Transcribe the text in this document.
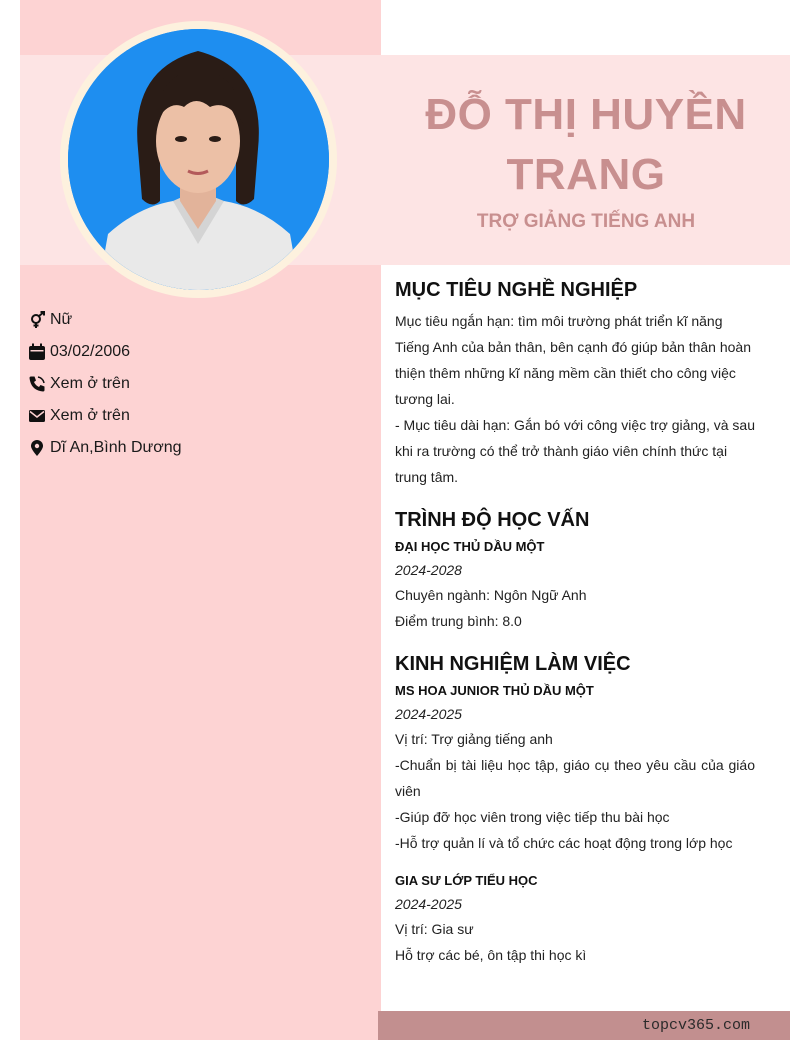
ĐỖ THỊ HUYỀN TRANG
TRỢ GIẢNG TIẾNG ANH
Nữ
03/02/2006
Xem ở trên
Xem ở trên
Dĩ An,Bình Dương
MỤC TIÊU NGHỀ NGHIỆP

Mục tiêu ngắn hạn: tìm môi trường phát triển kĩ năng Tiếng Anh của bản thân, bên cạnh đó giúp bản thân hoàn thiện thêm những kĩ năng mềm cần thiết cho công việc tương lai.

- Mục tiêu dài hạn: Gắn bó với công việc trợ giảng, và sau khi ra trường có thể trở thành giáo viên chính thức tại trung tâm.

TRÌNH ĐỘ HỌC VẤN

ĐẠI HỌC THỦ DẦU MỘT

2024-2028

Chuyên ngành: Ngôn Ngữ Anh

Điểm trung bình: 8.0

KINH NGHIỆM LÀM VIỆC

MS HOA JUNIOR THỦ DẦU MỘT

2024-2025

Vị trí: Trợ giảng tiếng anh

-Chuẩn bị tài liệu học tập, giáo cụ theo yêu cầu của giáo viên

-Giúp đỡ học viên trong việc tiếp thu bài học

-Hỗ trợ quản lí và tổ chức các hoạt động trong lớp học

GIA SƯ LỚP TIỂU HỌC

2024-2025

Vị trí: Gia sư

Hỗ trợ các bé, ôn tập thi học kì

topcv365.com
